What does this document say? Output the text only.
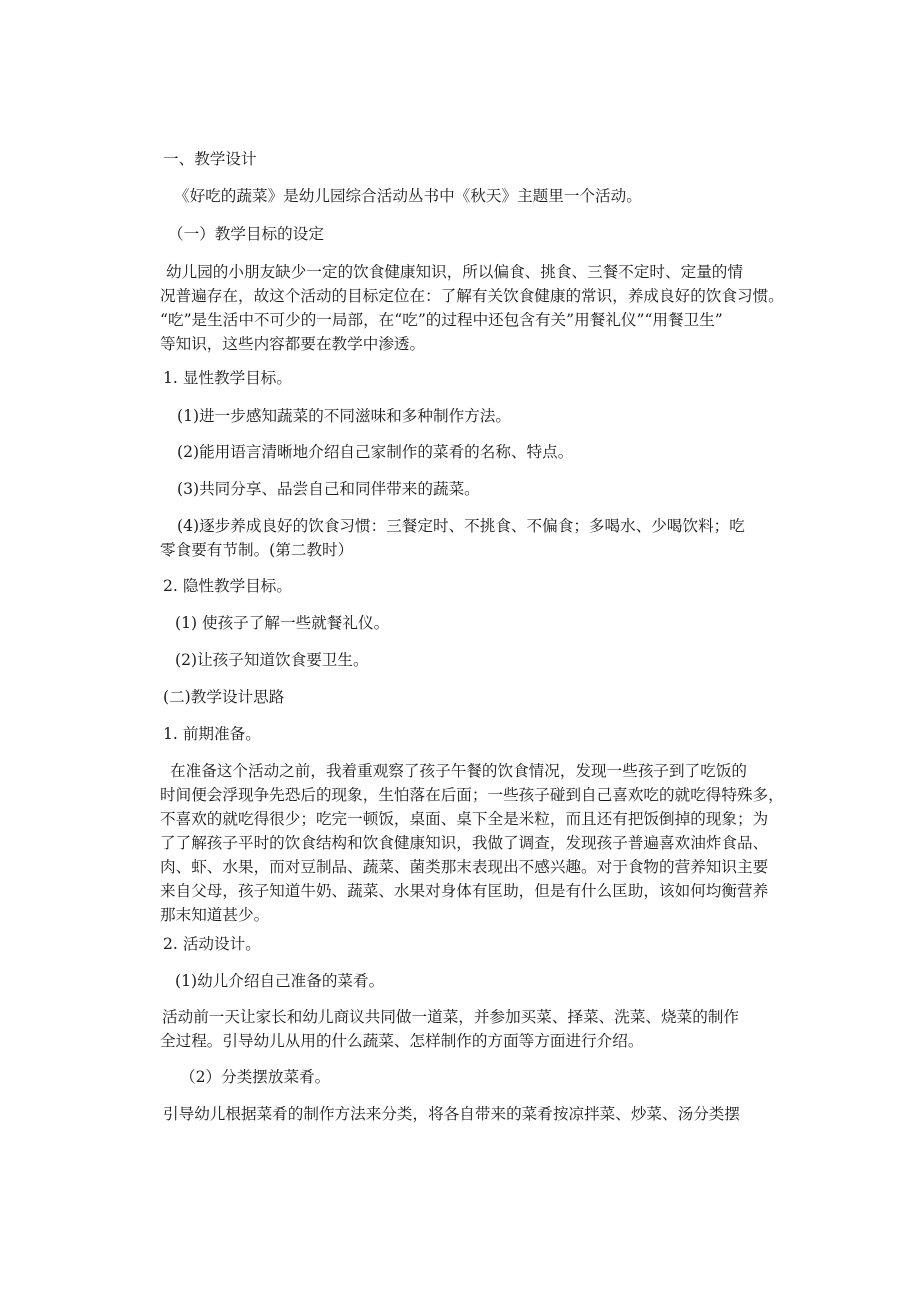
一、教学设计

《好吃的蔬菜》是幼儿园综合活动丛书中《秋天》主题里一个活动。

（一）教学目标的设定

幼儿园的小朋友缺少一定的饮食健康知识，所以偏食、挑食、三餐不定时、定量的情
况普遍存在，故这个活动的目标定位在：了解有关饮食健康的常识，养成良好的饮食习惯。
“吃”是生活中不可少的一局部，在“吃”的过程中还包含有关”用餐礼仪”“用餐卫生”
等知识，这些内容都要在教学中渗透。

1. 显性教学目标。

(1)进一步感知蔬菜的不同滋味和多种制作方法。

(2)能用语言清晰地介绍自己家制作的菜肴的名称、特点。

(3)共同分享、品尝自己和同伴带来的蔬菜。

(4)逐步养成良好的饮食习惯：三餐定时、不挑食、不偏食；多喝水、少喝饮料；吃
零食要有节制。(第二教时）

2. 隐性教学目标。

(1) 使孩子了解一些就餐礼仪。

(2)让孩子知道饮食要卫生。

(二)教学设计思路

1. 前期准备。

在准备这个活动之前，我着重观察了孩子午餐的饮食情况，发现一些孩子到了吃饭的
时间便会浮现争先恐后的现象，生怕落在后面；一些孩子碰到自己喜欢吃的就吃得特殊多，
不喜欢的就吃得很少；吃完一顿饭，桌面、桌下全是米粒，而且还有把饭倒掉的现象；为
了了解孩子平时的饮食结构和饮食健康知识，我做了调查，发现孩子普遍喜欢油炸食品、
肉、虾、水果，而对豆制品、蔬菜、菌类那末表现出不感兴趣。对于食物的营养知识主要
来自父母，孩子知道牛奶、蔬菜、水果对身体有匡助，但是有什么匡助，该如何均衡营养
那末知道甚少。

2. 活动设计。

(1)幼儿介绍自己准备的菜肴。

活动前一天让家长和幼儿商议共同做一道菜，并参加买菜、择菜、洗菜、烧菜的制作
全过程。引导幼儿从用的什么蔬菜、怎样制作的方面等方面进行介绍。

（2）分类摆放菜肴。

引导幼儿根据菜肴的制作方法来分类，将各自带来的菜肴按凉拌菜、炒菜、汤分类摆
